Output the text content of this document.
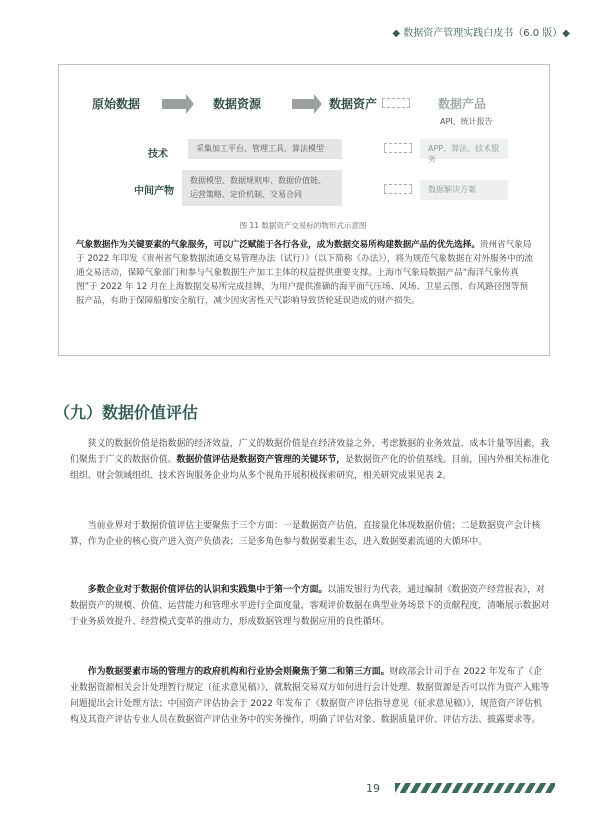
◆ 数据资产管理实践白皮书（6.0 版）◆
原始数据	数据资源	数据资产	数据产品
API、统计报告
技术
采集加工平台、管理工具、算法模型	APP、算法、技术服务
中间产物
数据模型、数据规则库、数据价值链、
运营策略、定价机制、交易合同
数据解决方案
图 11 数据资产交易标的物形式示意图
气象数据作为关键要素的气象服务，可以广泛赋能于各行各业，成为数据交易所构建数据产品的优先选择。贵州省气象局于 2022 年印发《贵州省气象数据流通交易管理办法（试行）》（以下简称《办法》），将为规范气象数据在对外服务中的流通交易活动，保障气象部门和参与气象数据生产加工主体的权益提供重要支撑。上海市气象局数据产品“海洋气象传真图”于 2022 年 12 月在上海数据交易所完成挂牌，为用户提供准确的海平面气压场、风场、卫星云图、台风路径图等预报产品，有助于保障船舶安全航行，减少因灾害性天气影响导致货轮延误造成的财产损失。
（九）数据价值评估
狭义的数据价值是指数据的经济效益，广义的数据价值是在经济效益之外，考虑数据的业务效益、成本计量等因素，我们聚焦于广义的数据价值。数据价值评估是数据资产管理的关键环节，是数据资产化的价值基线。目前，国内外相关标准化组织、财会领域组织、技术咨询服务企业均从多个视角开展积极探索研究，相关研究成果见表 2。
当前业界对于数据价值评估主要聚焦于三个方面：一是数据资产估值，直接量化体现数据价值；二是数据资产会计核算，作为企业的核心资产进入资产负债表；三是多角色参与数据要素生态，进入数据要素流通的大循环中。
多数企业对于数据价值评估的认识和实践集中于第一个方面。以浦发银行为代表，通过编制《数据资产经营报表》，对数据资产的规模、价值、运营能力和管理水平进行全面度量，客观评价数据在典型业务场景下的贡献程度，清晰展示数据对于业务质效提升、经营模式变革的推动力，形成数据管理与数据应用的良性循环。
作为数据要素市场的管理方的政府机构和行业协会则聚焦于第二和第三方面。财政部会计司于在 2022 年发布了《企业数据资源相关会计处理暂行规定（征求意见稿）》，就数据交易双方如何进行会计处理、数据资源是否可以作为资产入账等问题提出会计处理方法；中国资产评估协会于 2022 年发布了《数据资产评估指导意见（征求意见稿）》，规范资产评估机构及其资产评估专业人员在数据资产评估业务中的实务操作，明确了评估对象、数据质量评价、评估方法、披露要求等。
19
